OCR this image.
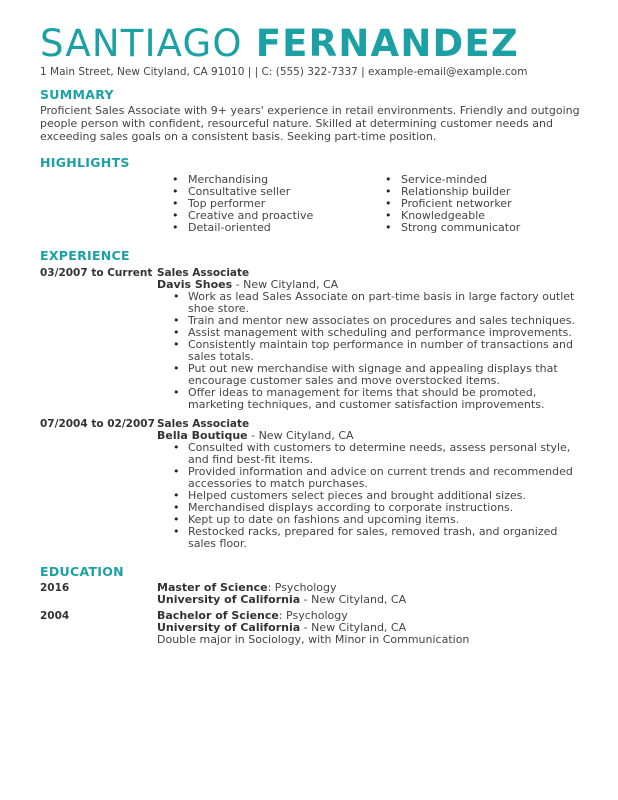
SANTIAGO FERNANDEZ
1 Main Street, New Cityland, CA 91010 | | C: (555) 322-7337 | example-email@example.com
SUMMARY
Proficient Sales Associate with 9+ years' experience in retail environments. Friendly and outgoing people person with confident, resourceful nature. Skilled at determining customer needs and exceeding sales goals on a consistent basis. Seeking part-time position.
HIGHLIGHTS
• Merchandising
• Consultative seller
• Top performer
• Creative and proactive
• Detail-oriented
• Service-minded
• Relationship builder
• Proficient networker
• Knowledgeable
• Strong communicator
EXPERIENCE
03/2007 to Current Sales Associate
Davis Shoes - New Cityland, CA
• Work as lead Sales Associate on part-time basis in large factory outlet shoe store.
• Train and mentor new associates on procedures and sales techniques.
• Assist management with scheduling and performance improvements.
• Consistently maintain top performance in number of transactions and sales totals.
• Put out new merchandise with signage and appealing displays that encourage customer sales and move overstocked items.
• Offer ideas to management for items that should be promoted, marketing techniques, and customer satisfaction improvements.
07/2004 to 02/2007 Sales Associate
Bella Boutique - New Cityland, CA
• Consulted with customers to determine needs, assess personal style, and find best-fit items.
• Provided information and advice on current trends and recommended accessories to match purchases.
• Helped customers select pieces and brought additional sizes.
• Merchandised displays according to corporate instructions.
• Kept up to date on fashions and upcoming items.
• Restocked racks, prepared for sales, removed trash, and organized sales floor.
EDUCATION
2016	Master of Science: Psychology
University of California - New Cityland, CA
2004	Bachelor of Science: Psychology
University of California - New Cityland, CA
Double major in Sociology, with Minor in Communication
